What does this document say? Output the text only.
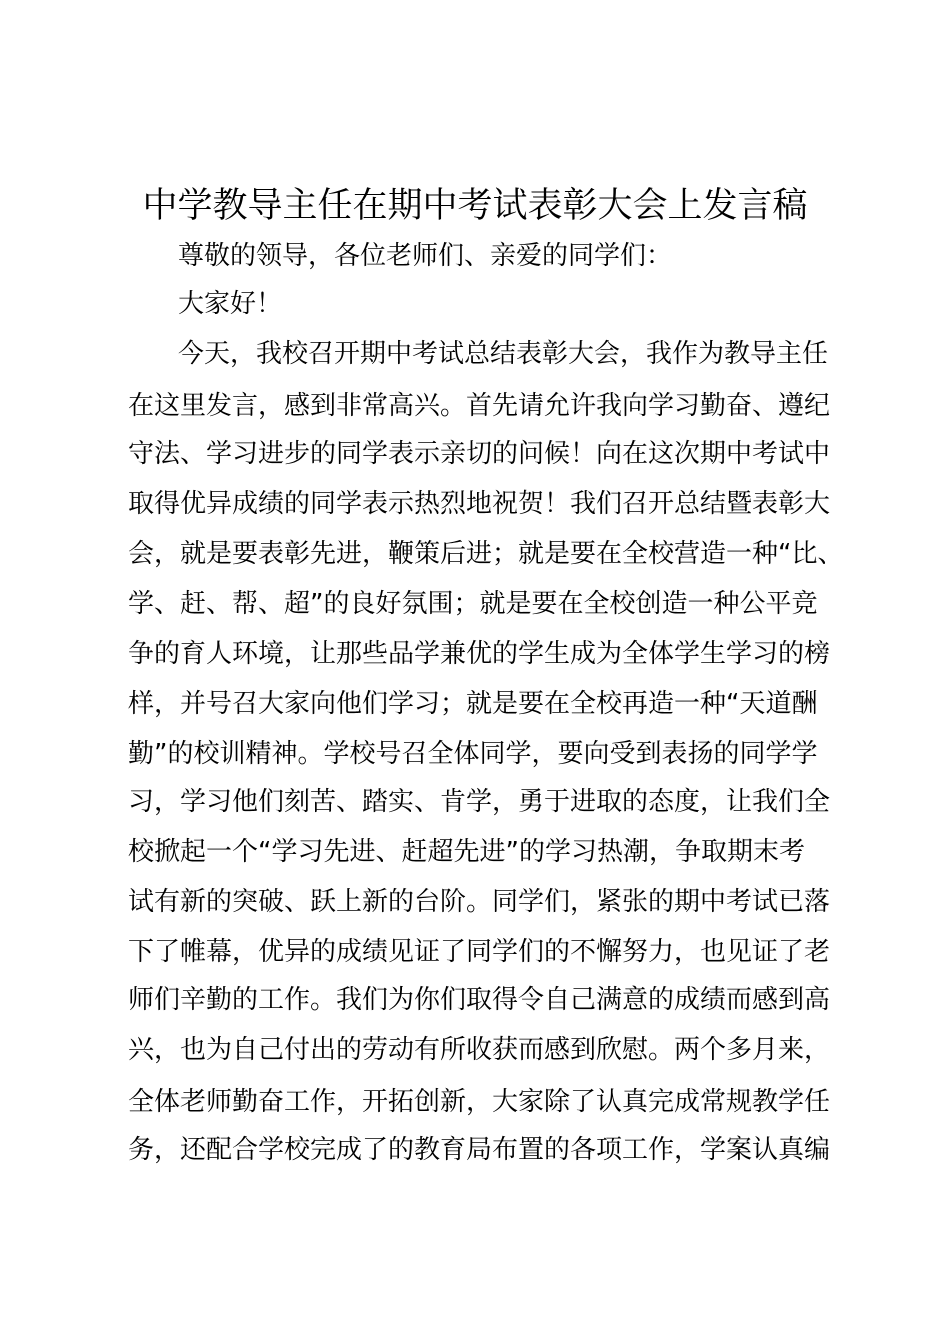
中学教导主任在期中考试表彰大会上发言稿
尊敬的领导，各位老师们、亲爱的同学们：
大家好！
今天，我校召开期中考试总结表彰大会，我作为教导主任
在这里发言，感到非常高兴。首先请允许我向学习勤奋、遵纪
守法、学习进步的同学表示亲切的问候！向在这次期中考试中
取得优异成绩的同学表示热烈地祝贺！我们召开总结暨表彰大
会，就是要表彰先进，鞭策后进；就是要在全校营造一种“比、
学、赶、帮、超”的良好氛围；就是要在全校创造一种公平竞
争的育人环境，让那些品学兼优的学生成为全体学生学习的榜
样，并号召大家向他们学习；就是要在全校再造一种“天道酬
勤”的校训精神。学校号召全体同学，要向受到表扬的同学学
习，学习他们刻苦、踏实、肯学，勇于进取的态度，让我们全
校掀起一个“学习先进、赶超先进”的学习热潮，争取期末考
试有新的突破、跃上新的台阶。同学们，紧张的期中考试已落
下了帷幕，优异的成绩见证了同学们的不懈努力，也见证了老
师们辛勤的工作。我们为你们取得令自己满意的成绩而感到高
兴，也为自己付出的劳动有所收获而感到欣慰。两个多月来，
全体老师勤奋工作，开拓创新，大家除了认真完成常规教学任
务，还配合学校完成了的教育局布置的各项工作，学案认真编
